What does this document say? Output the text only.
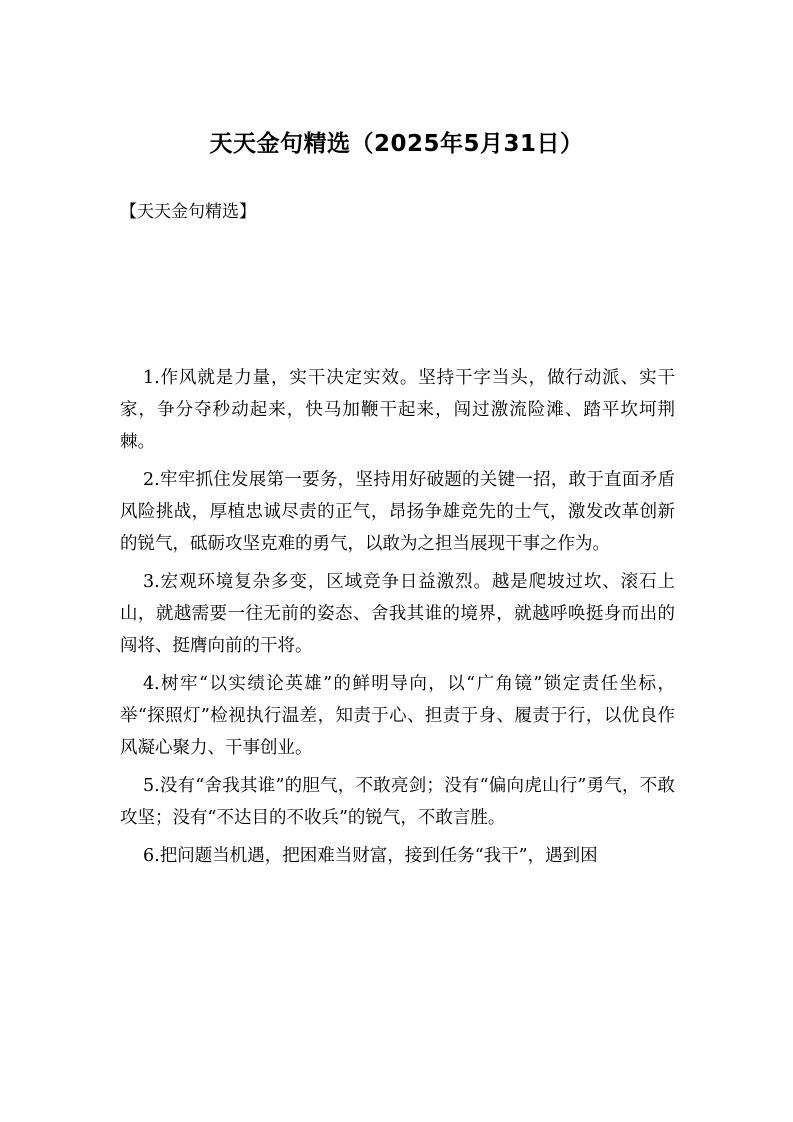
天天金句精选（2025年5月31日）

【天天金句精选】

1.作风就是力量，实干决定实效。坚持干字当头，做行动派、实干家，争分夺秒动起来，快马加鞭干起来，闯过激流险滩、踏平坎坷荆棘。

2.牢牢抓住发展第一要务，坚持用好破题的关键一招，敢于直面矛盾风险挑战，厚植忠诚尽责的正气，昂扬争雄竞先的士气，激发改革创新的锐气，砥砺攻坚克难的勇气，以敢为之担当展现干事之作为。

3.宏观环境复杂多变，区域竞争日益激烈。越是爬坡过坎、滚石上山，就越需要一往无前的姿态、舍我其谁的境界，就越呼唤挺身而出的闯将、挺膺向前的干将。

4.树牢“以实绩论英雄”的鲜明导向，以“广角镜”锁定责任坐标，举“探照灯”检视执行温差，知责于心、担责于身、履责于行，以优良作风凝心聚力、干事创业。

5.没有“舍我其谁”的胆气，不敢亮剑；没有“偏向虎山行”勇气，不敢攻坚；没有“不达目的不收兵”的锐气，不敢言胜。

6.把问题当机遇，把困难当财富，接到任务“我干”，遇到困
